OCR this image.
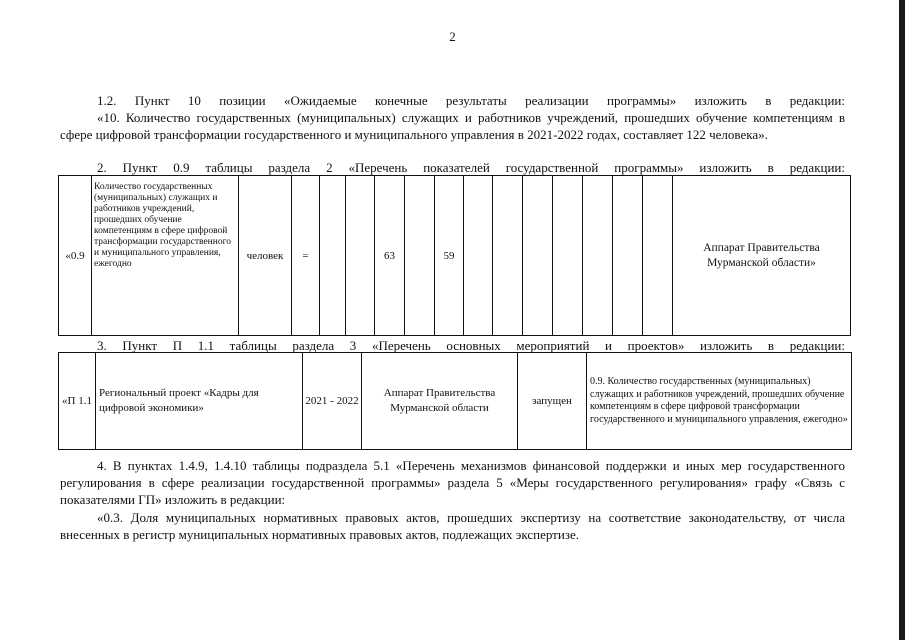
2
1.2. Пункт 10 позиции «Ожидаемые конечные результаты реализации программы» изложить в редакции:
«10. Количество государственных (муниципальных) служащих и работников учреждений, прошедших обучение компетенциям в сфере цифровой трансформации государственного и муниципального управления в 2021-2022 годах, составляет 122 человека».
2. Пункт 0.9 таблицы раздела 2 «Перечень показателей государственной программы» изложить в редакции:
«0.9	Количество государственных (муниципальных) служащих и работников учреждений, прошедших обучение компетенциям в сфере цифровой трансформации государственного и муниципального управления, ежегодно	человек	=			63		59								Аппарат Правительства Мурманской области»
3. Пункт П 1.1 таблицы раздела 3 «Перечень основных мероприятий и проектов» изложить в редакции:
«П 1.1	Региональный проект «Кадры для цифровой экономики»	2021 - 2022	Аппарат Правительства Мурманской области	запущен	0.9. Количество государственных (муниципальных) служащих и работников учреждений, прошедших обучение компетенциям в сфере цифровой трансформации государственного и муниципального управления, ежегодно»
4. В пунктах 1.4.9, 1.4.10 таблицы подраздела 5.1 «Перечень механизмов финансовой поддержки и иных мер государственного регулирования в сфере реализации государственной программы» раздела 5 «Меры государственного регулирования» графу «Связь с показателями ГП» изложить в редакции:
«0.3. Доля муниципальных нормативных правовых актов, прошедших экспертизу на соответствие законодательству, от числа внесенных в регистр муниципальных нормативных правовых актов, подлежащих экспертизе.
